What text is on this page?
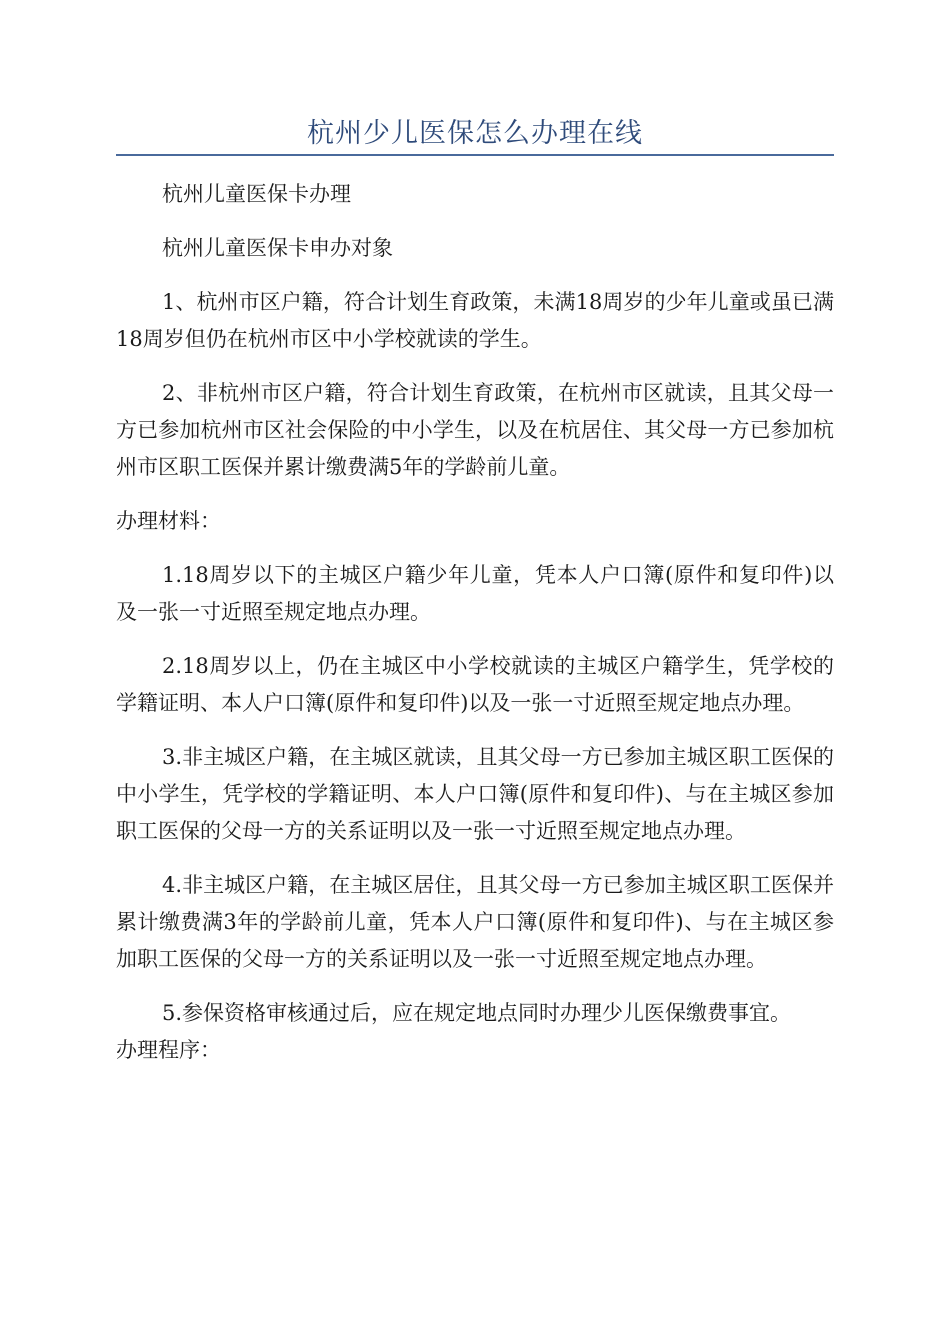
杭州少儿医保怎么办理在线

杭州儿童医保卡办理

杭州儿童医保卡申办对象

1、杭州市区户籍，符合计划生育政策，未满18周岁的少年儿童或虽已满18周岁但仍在杭州市区中小学校就读的学生。

2、非杭州市区户籍，符合计划生育政策，在杭州市区就读，且其父母一方已参加杭州市区社会保险的中小学生，以及在杭居住、其父母一方已参加杭州市区职工医保并累计缴费满5年的学龄前儿童。

办理材料：

1.18周岁以下的主城区户籍少年儿童，凭本人户口簿(原件和复印件)以及一张一寸近照至规定地点办理。

2.18周岁以上，仍在主城区中小学校就读的主城区户籍学生，凭学校的学籍证明、本人户口簿(原件和复印件)以及一张一寸近照至规定地点办理。

3.非主城区户籍，在主城区就读，且其父母一方已参加主城区职工医保的中小学生，凭学校的学籍证明、本人户口簿(原件和复印件)、与在主城区参加职工医保的父母一方的关系证明以及一张一寸近照至规定地点办理。

4.非主城区户籍，在主城区居住，且其父母一方已参加主城区职工医保并累计缴费满3年的学龄前儿童，凭本人户口簿(原件和复印件)、与在主城区参加职工医保的父母一方的关系证明以及一张一寸近照至规定地点办理。

5.参保资格审核通过后，应在规定地点同时办理少儿医保缴费事宜。

办理程序：
